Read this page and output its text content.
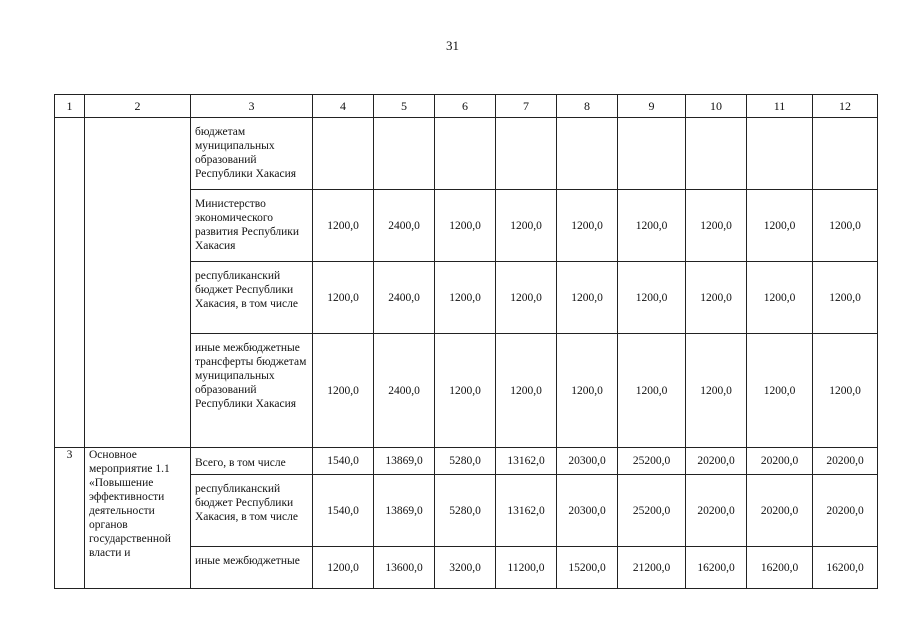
31
1	2	3	4	5	6	7	8	9	10	11	12
		бюджетам муниципальных образований Республики Хакасия									
		Министерство экономического развития Республики Хакасия	1200,0	2400,0	1200,0	1200,0	1200,0	1200,0	1200,0	1200,0	1200,0
		республиканский бюджет Республики Хакасия, в том числе	1200,0	2400,0	1200,0	1200,0	1200,0	1200,0	1200,0	1200,0	1200,0
		иные межбюджетные трансферты бюджетам муниципальных образований Республики Хакасия	1200,0	2400,0	1200,0	1200,0	1200,0	1200,0	1200,0	1200,0	1200,0
3	Основное мероприятие 1.1 «Повышение эффективности деятельности органов государственной власти и	Всего, в том числе	1540,0	13869,0	5280,0	13162,0	20300,0	25200,0	20200,0	20200,0	20200,0
		республиканский бюджет Республики Хакасия, в том числе	1540,0	13869,0	5280,0	13162,0	20300,0	25200,0	20200,0	20200,0	20200,0
		иные межбюджетные	1200,0	13600,0	3200,0	11200,0	15200,0	21200,0	16200,0	16200,0	16200,0
